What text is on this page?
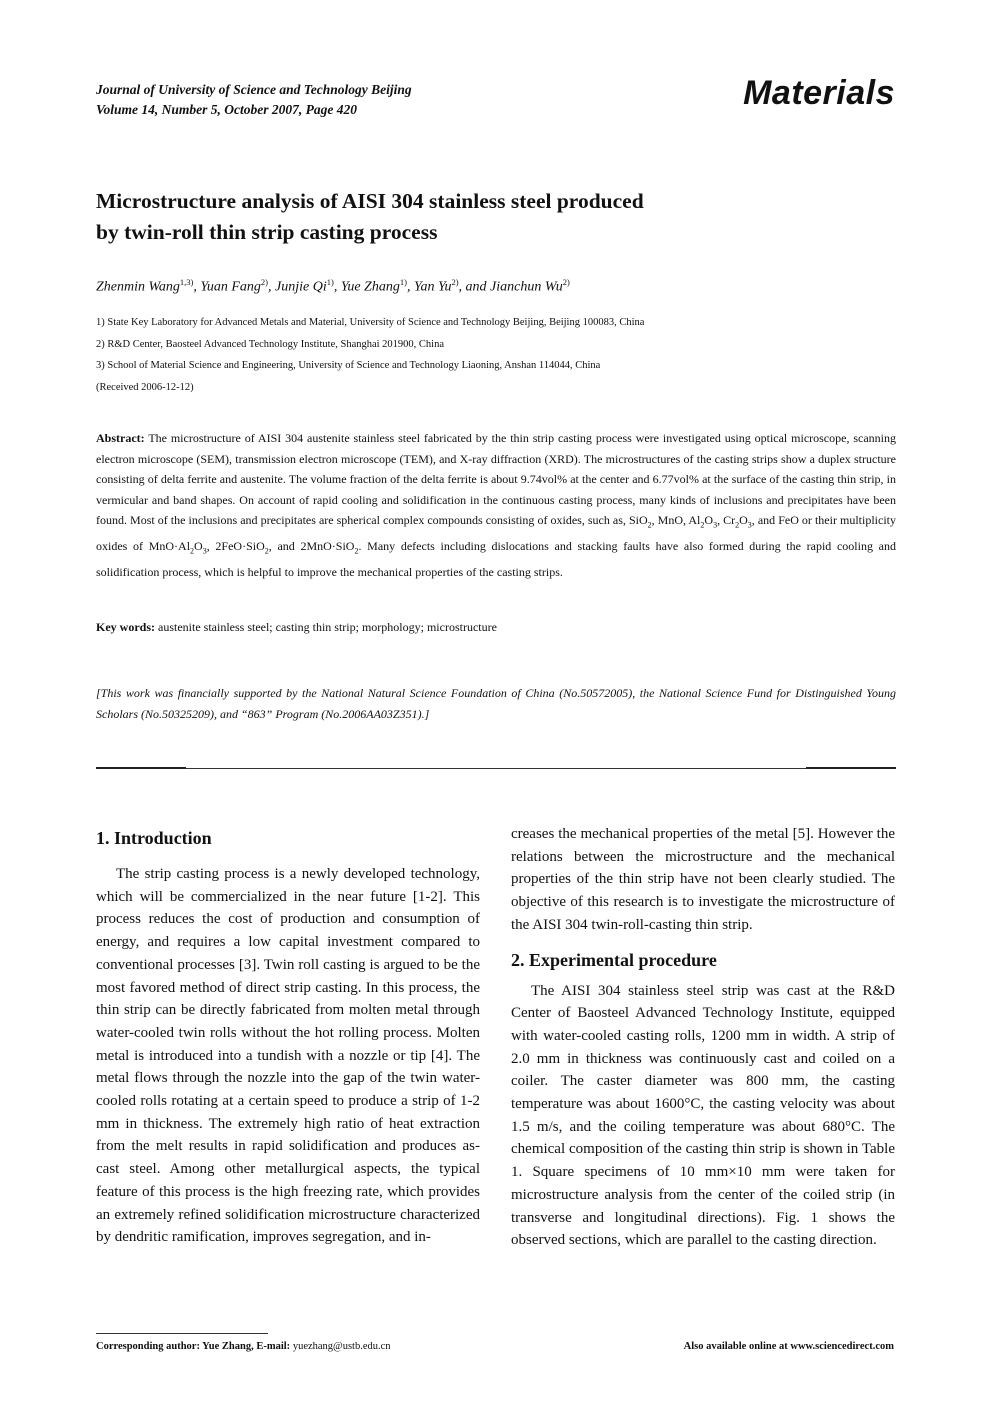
Journal of University of Science and Technology Beijing
Volume 14, Number 5, October 2007, Page 420	Materials
Microstructure analysis of AISI 304 stainless steel produced
by twin-roll thin strip casting process
Zhenmin Wang$^{1,3)}$, Yuan Fang$^{2)}$, Junjie Qi$^{1)}$, Yue Zhang$^{1)}$, Yan Yu$^{2)}$, and Jianchun Wu$^{2)}$
1) State Key Laboratory for Advanced Metals and Material, University of Science and Technology Beijing, Beijing 100083, China
2) R&D Center, Baosteel Advanced Technology Institute, Shanghai 201900, China
3) School of Material Science and Engineering, University of Science and Technology Liaoning, Anshan 114044, China
(Received 2006-12-12)
Abstract: The microstructure of AISI 304 austenite stainless steel fabricated by the thin strip casting process were investigated using optical microscope, scanning electron microscope (SEM), transmission electron microscope (TEM), and X-ray diffraction (XRD). The microstructures of the casting strips show a duplex structure consisting of delta ferrite and austenite. The volume fraction of the delta ferrite is about 9.74vol% at the center and 6.77vol% at the surface of the casting thin strip, in vermicular and band shapes. On account of rapid cooling and solidification in the continuous casting process, many kinds of inclusions and precipitates have been found. Most of the inclusions and precipitates are spherical complex compounds consisting of oxides, such as, SiO$_2$, MnO, $Al_2O_3$, $Cr_2O_3$, and FeO or their multiplicity oxides of $MnO\cdot Al_2O_3$, 2FeO·SiO$_2$, and 2MnO·SiO$_2$. Many defects including dislocations and stacking faults have also formed during the rapid cooling and solidification process, which is helpful to improve the mechanical properties of the casting strips.
Key words: austenite stainless steel; casting thin strip; morphology; microstructure
[This work was financially supported by the National Natural Science Foundation of China (No.50572005), the National Science Fund for Distinguished Young Scholars (No.50325209), and “863” Program (No.2006AA03Z351).]
1. Introduction

The strip casting process is a newly developed technology, which will be commercialized in the near future [1-2]. This process reduces the cost of production and consumption of energy, and requires a low capital investment compared to conventional processes [3]. Twin roll casting is argued to be the most favored method of direct strip casting. In this process, the thin strip can be directly fabricated from molten metal through water-cooled twin rolls without the hot rolling process. Molten metal is introduced into a tundish with a nozzle or tip [4]. The metal flows through the nozzle into the gap of the twin water-cooled rolls rotating at a certain speed to produce a strip of 1-2 mm in thickness. The extremely high ratio of heat extraction from the melt results in rapid solidification and produces as-cast steel. Among other metallurgical aspects, the typical feature of this process is the high freezing rate, which provides an extremely refined solidification microstructure characterized by dendritic ramification, improves segregation, and in-

creases the mechanical properties of the metal [5]. However the relations between the microstructure and the mechanical properties of the thin strip have not been clearly studied. The objective of this research is to investigate the microstructure of the AISI 304 twin-roll-casting thin strip.

2. Experimental procedure

The AISI 304 stainless steel strip was cast at the R&D Center of Baosteel Advanced Technology Institute, equipped with water-cooled casting rolls, 1200 mm in width. A strip of 2.0 mm in thickness was continuously cast and coiled on a coiler. The caster diameter was 800 mm, the casting temperature was about 1600°C, the casting velocity was about 1.5 m/s, and the coiling temperature was about 680°C. The chemical composition of the casting thin strip is shown in Table 1. Square specimens of 10 mm×10 mm were taken for microstructure analysis from the center of the coiled strip (in transverse and longitudinal directions). Fig. 1 shows the observed sections, which are parallel to the casting direction.

Corresponding author: Yue Zhang, E-mail: yuezhang@ustb.edu.cn	Also available online at www.sciencedirect.com
